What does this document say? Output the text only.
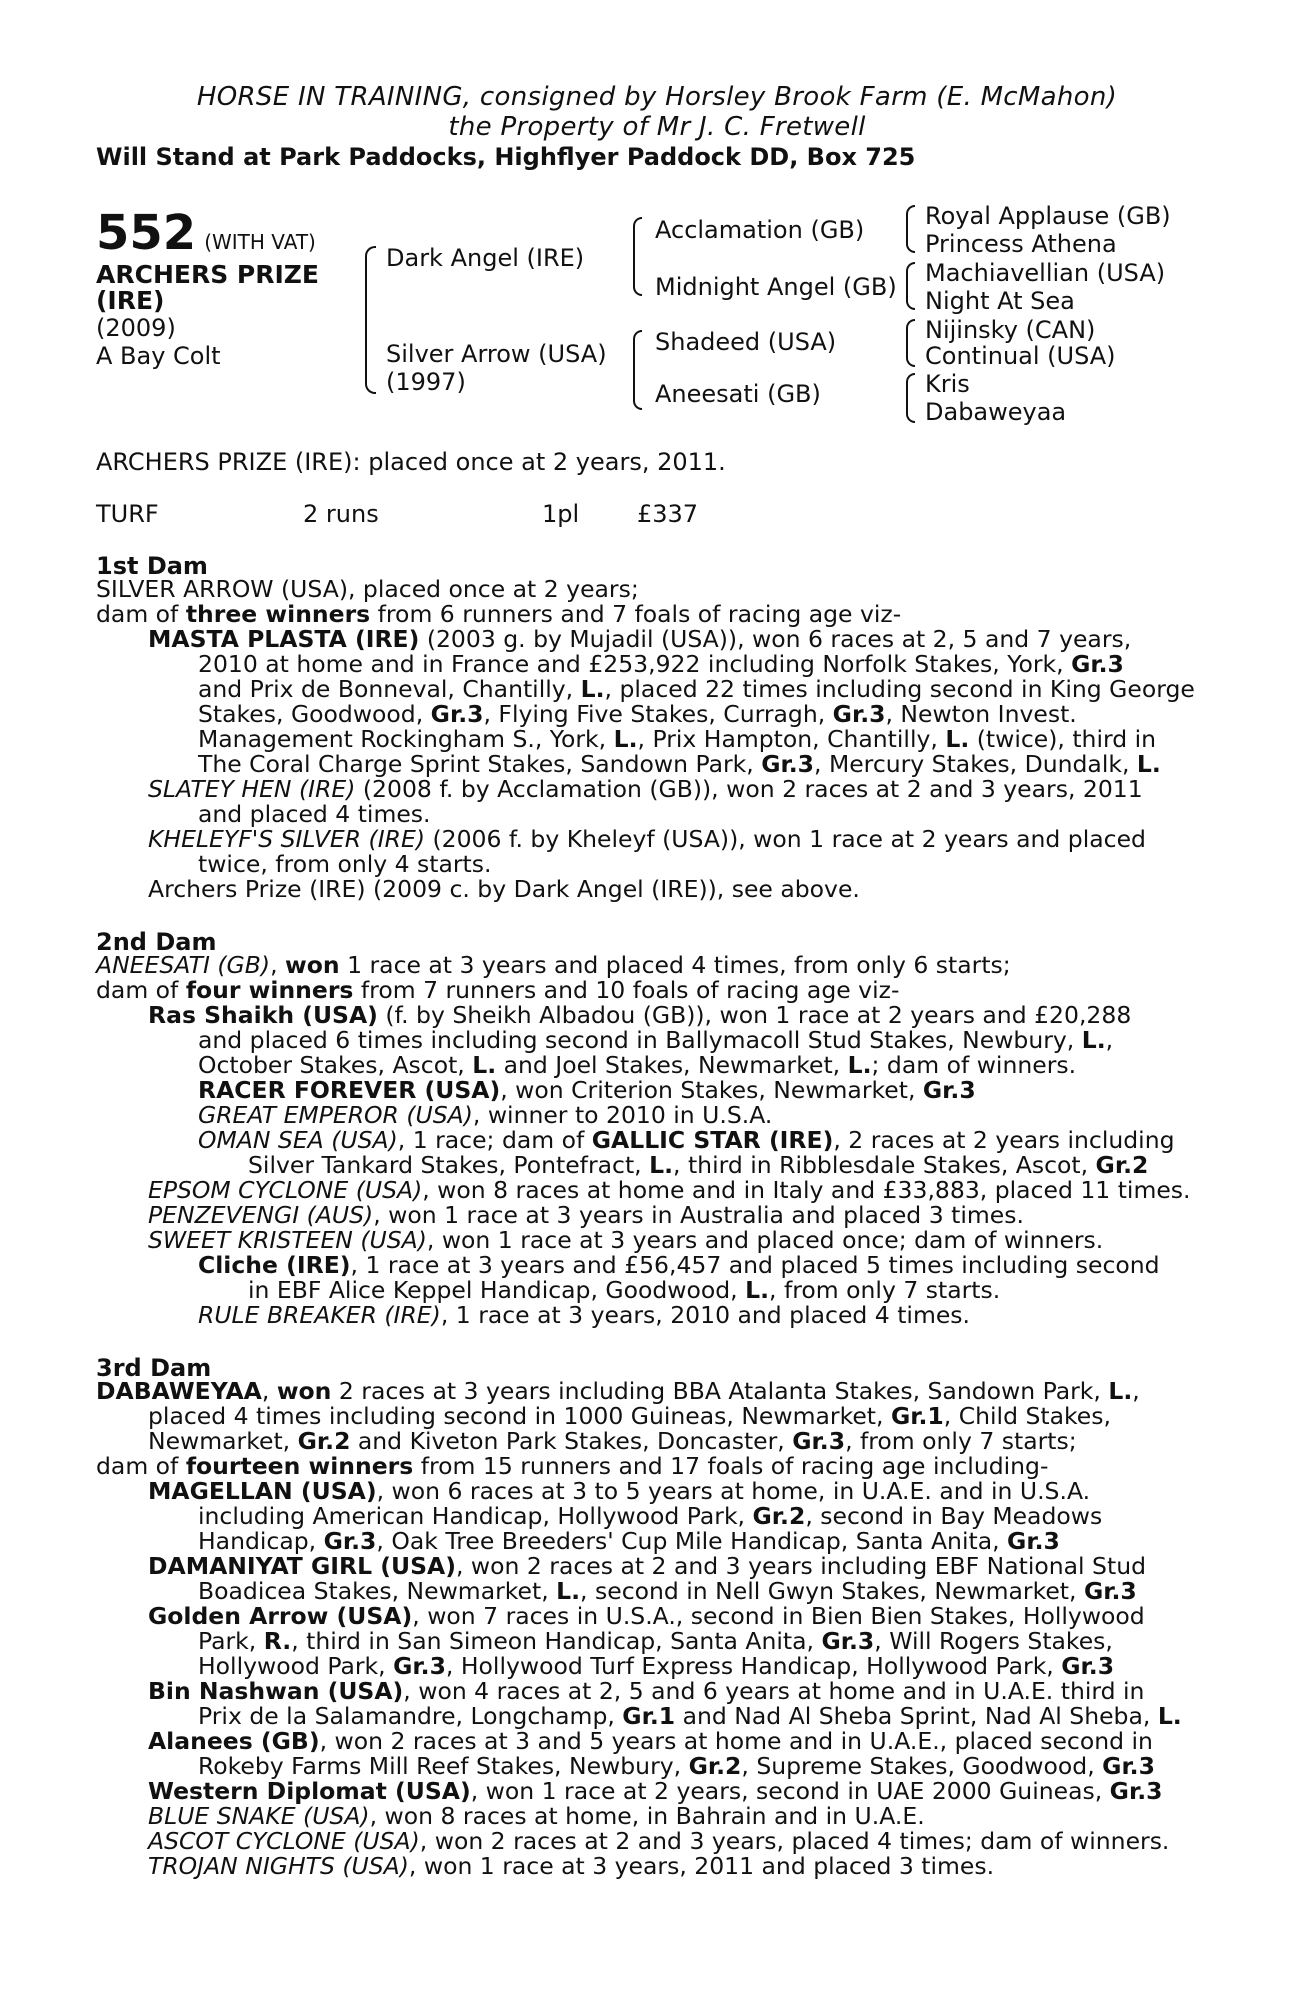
HORSE IN TRAINING, consigned by Horsley Brook Farm (E. McMahon)
the Property of Mr J. C. Fretwell
Will Stand at Park Paddocks, Highflyer Paddock DD, Box 725
552 (WITH VAT)
ARCHERS PRIZE
(IRE)
(2009)
A Bay Colt
Dark Angel (IRE)
Silver Arrow (USA)
(1997)
Acclamation (GB)
Midnight Angel (GB)
Shadeed (USA)
Aneesati (GB)
Royal Applause (GB)
Princess Athena
Machiavellian (USA)
Night At Sea
Nijinsky (CAN)
Continual (USA)
Kris
Dabaweyaa
ARCHERS PRIZE (IRE): placed once at 2 years, 2011.
TURF	2 runs	1pl £337
1st Dam
SILVER ARROW (USA), placed once at 2 years;
dam of three winners from 6 runners and 7 foals of racing age viz-
MASTA PLASTA (IRE) (2003 g. by Mujadil (USA)), won 6 races at 2, 5 and 7 years,
2010 at home and in France and £253,922 including Norfolk Stakes, York, Gr.3
and Prix de Bonneval, Chantilly, L., placed 22 times including second in King George
Stakes, Goodwood, Gr.3, Flying Five Stakes, Curragh, Gr.3, Newton Invest.
Management Rockingham S., York, L., Prix Hampton, Chantilly, L. (twice), third in
The Coral Charge Sprint Stakes, Sandown Park, Gr.3, Mercury Stakes, Dundalk, L.
SLATEY HEN (IRE) (2008 f. by Acclamation (GB)), won 2 races at 2 and 3 years, 2011
and placed 4 times.
KHELEYF'S SILVER (IRE) (2006 f. by Kheleyf (USA)), won 1 race at 2 years and placed
twice, from only 4 starts.
Archers Prize (IRE) (2009 c. by Dark Angel (IRE)), see above.
2nd Dam
ANEESATI (GB), won 1 race at 3 years and placed 4 times, from only 6 starts;
dam of four winners from 7 runners and 10 foals of racing age viz-
Ras Shaikh (USA) (f. by Sheikh Albadou (GB)), won 1 race at 2 years and £20,288
and placed 6 times including second in Ballymacoll Stud Stakes, Newbury, L.,
October Stakes, Ascot, L. and Joel Stakes, Newmarket, L.; dam of winners.
RACER FOREVER (USA), won Criterion Stakes, Newmarket, Gr.3
GREAT EMPEROR (USA), winner to 2010 in U.S.A.
OMAN SEA (USA), 1 race; dam of GALLIC STAR (IRE), 2 races at 2 years including
Silver Tankard Stakes, Pontefract, L., third in Ribblesdale Stakes, Ascot, Gr.2
EPSOM CYCLONE (USA), won 8 races at home and in Italy and £33,883, placed 11 times.
PENZEVENGI (AUS), won 1 race at 3 years in Australia and placed 3 times.
SWEET KRISTEEN (USA), won 1 race at 3 years and placed once; dam of winners.
Cliche (IRE), 1 race at 3 years and £56,457 and placed 5 times including second
in EBF Alice Keppel Handicap, Goodwood, L., from only 7 starts.
RULE BREAKER (IRE), 1 race at 3 years, 2010 and placed 4 times.
3rd Dam
DABAWEYAA, won 2 races at 3 years including BBA Atalanta Stakes, Sandown Park, L.,
placed 4 times including second in 1000 Guineas, Newmarket, Gr.1, Child Stakes,
Newmarket, Gr.2 and Kiveton Park Stakes, Doncaster, Gr.3, from only 7 starts;
dam of fourteen winners from 15 runners and 17 foals of racing age including-
MAGELLAN (USA), won 6 races at 3 to 5 years at home, in U.A.E. and in U.S.A.
including American Handicap, Hollywood Park, Gr.2, second in Bay Meadows
Handicap, Gr.3, Oak Tree Breeders' Cup Mile Handicap, Santa Anita, Gr.3
DAMANIYAT GIRL (USA), won 2 races at 2 and 3 years including EBF National Stud
Boadicea Stakes, Newmarket, L., second in Nell Gwyn Stakes, Newmarket, Gr.3
Golden Arrow (USA), won 7 races in U.S.A., second in Bien Bien Stakes, Hollywood
Park, R., third in San Simeon Handicap, Santa Anita, Gr.3, Will Rogers Stakes,
Hollywood Park, Gr.3, Hollywood Turf Express Handicap, Hollywood Park, Gr.3
Bin Nashwan (USA), won 4 races at 2, 5 and 6 years at home and in U.A.E. third in
Prix de la Salamandre, Longchamp, Gr.1 and Nad Al Sheba Sprint, Nad Al Sheba, L.
Alanees (GB), won 2 races at 3 and 5 years at home and in U.A.E., placed second in
Rokeby Farms Mill Reef Stakes, Newbury, Gr.2, Supreme Stakes, Goodwood, Gr.3
Western Diplomat (USA), won 1 race at 2 years, second in UAE 2000 Guineas, Gr.3
BLUE SNAKE (USA), won 8 races at home, in Bahrain and in U.A.E.
ASCOT CYCLONE (USA), won 2 races at 2 and 3 years, placed 4 times; dam of winners.
TROJAN NIGHTS (USA), won 1 race at 3 years, 2011 and placed 3 times.
